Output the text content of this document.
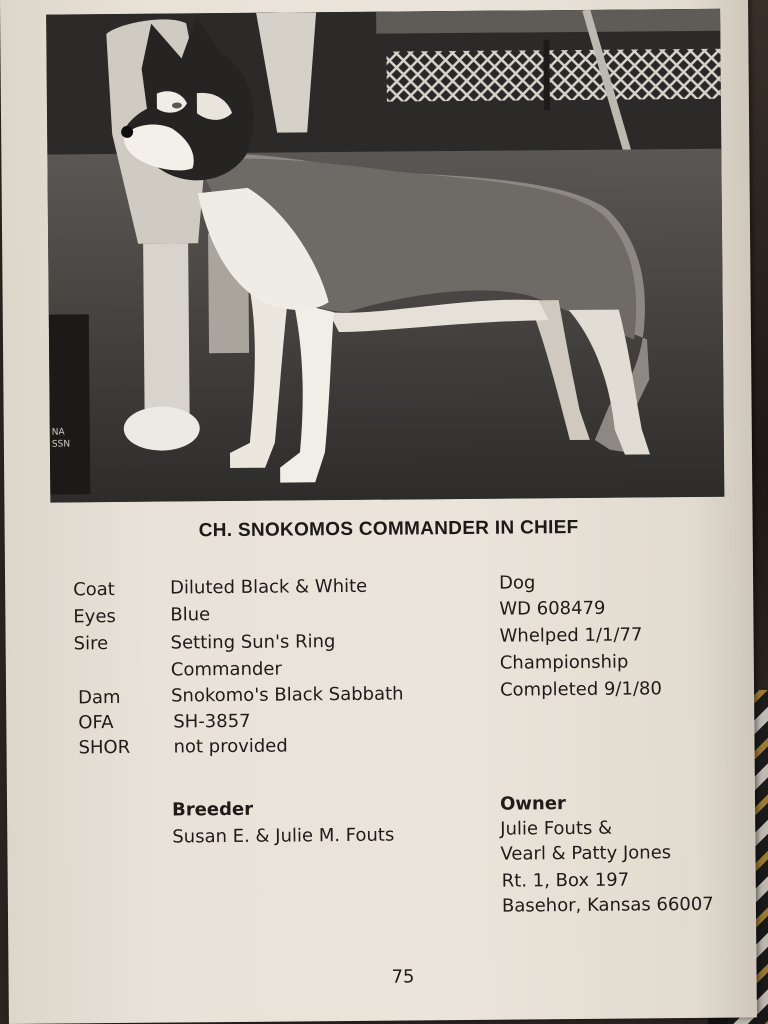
NA
SSN
CH. SNOKOMOS COMMANDER IN CHIEF
Coat
Eyes
Sire
Dam
OFA
SHOR
Diluted Black & White
Blue
Setting Sun's Ring
Commander
Snokomo's Black Sabbath
SH-3857
not provided
Dog
WD 608479
Whelped 1/1/77
Championship
Completed 9/1/80
Breeder
Susan E. & Julie M. Fouts
Owner
Julie Fouts &
Vearl & Patty Jones
Rt. 1, Box 197
Basehor, Kansas 66007
75
